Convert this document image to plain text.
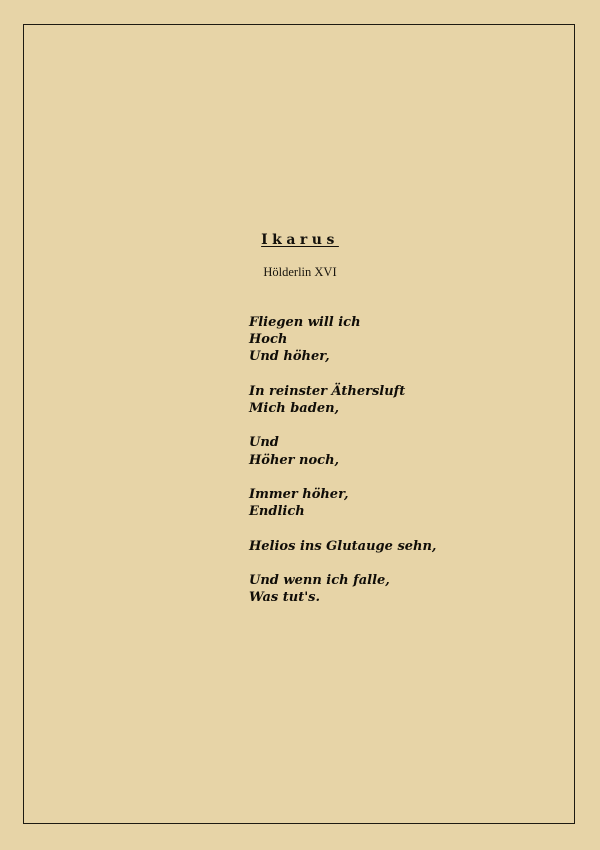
Ikarus
Hölderlin XVI
Fliegen will ich
Hoch
Und höher,
In reinster Äthersluft
Mich baden,
Und
Höher noch,
Immer höher,
Endlich
Helios ins Glutauge sehn,
Und wenn ich falle,
Was tut's.
